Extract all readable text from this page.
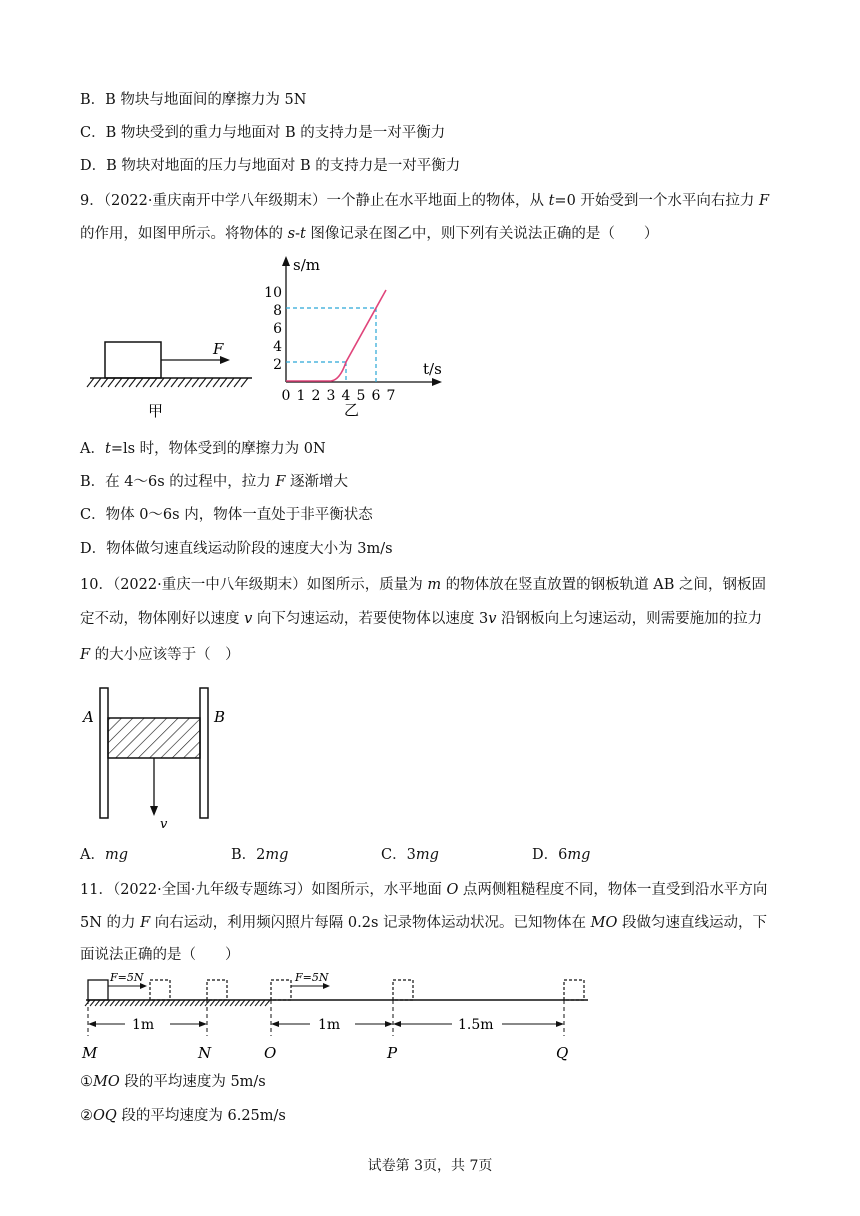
B．B 物块与地面间的摩擦力为 5N
C．B 物块受到的重力与地面对 B 的支持力是一对平衡力
D．B 物块对地面的压力与地面对 B 的支持力是一对平衡力
9．（2022·重庆南开中学八年级期末）一个静止在水平地面上的物体，从 t=0 开始受到一个水平向右拉力 F
的作用，如图甲所示。将物体的 s-t 图像记录在图乙中，则下列有关说法正确的是（　　）
F
甲
s/m
t/s
10
8
6
4
2
0 1 2 3 4 5 6 7
乙
A．t=ls 时，物体受到的摩擦力为 0N
B．在 4～6s 的过程中，拉力 F 逐渐增大
C．物体 0～6s 内，物体一直处于非平衡状态
D．物体做匀速直线运动阶段的速度大小为 3m/s
10．（2022·重庆一中八年级期末）如图所示，质量为 m 的物体放在竖直放置的钢板轨道 AB 之间，钢板固
定不动，物体刚好以速度 v 向下匀速运动，若要使物体以速度 3v 沿钢板向上匀速运动，则需要施加的拉力
F 的大小应该等于（　）
v
A	B
A．mg	B．2mg	C．3mg	D．6mg
11．（2022·全国·九年级专题练习）如图所示，水平地面 O 点两侧粗糙程度不同，物体一直受到沿水平方向
5N 的力 F 向右运动，利用频闪照片每隔 0.2s 记录物体运动状况。已知物体在 MO 段做匀速直线运动，下
面说法正确的是（　　）
F=5N	F=5N
1m	1m	1.5m
M	N	O	P	Q
①MO 段的平均速度为 5m/s
②OQ 段的平均速度为 6.25m/s
试卷第 3页，共 7页
